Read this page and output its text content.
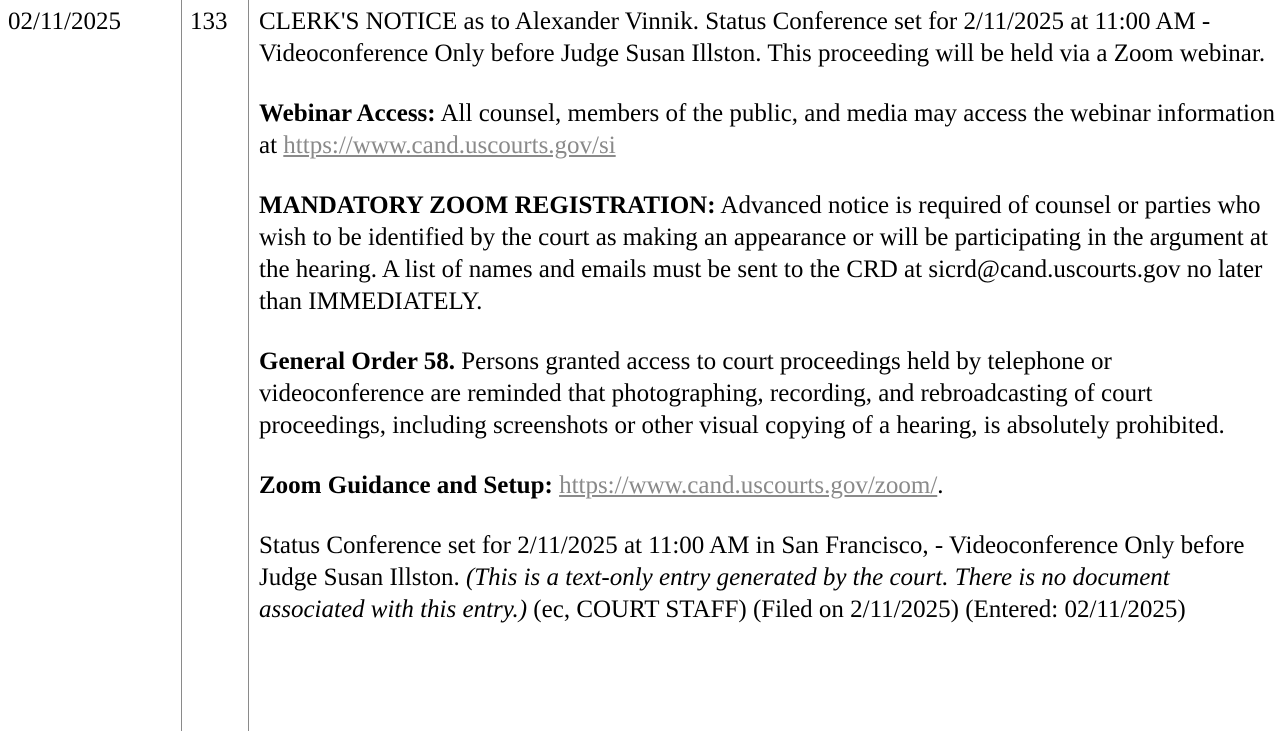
02/11/2025	133	CLERK'S NOTICE as to Alexander Vinnik. Status Conference set for 2/11/2025 at 11:00 AM - Videoconference Only before Judge Susan Illston. This proceeding will be held via a Zoom webinar.

Webinar Access: All counsel, members of the public, and media may access the webinar information at https://www.cand.uscourts.gov/si

MANDATORY ZOOM REGISTRATION: Advanced notice is required of counsel or parties who wish to be identified by the court as making an appearance or will be participating in the argument at the hearing. A list of names and emails must be sent to the CRD at sicrd@cand.uscourts.gov no later than IMMEDIATELY.

General Order 58. Persons granted access to court proceedings held by telephone or videoconference are reminded that photographing, recording, and rebroadcasting of court proceedings, including screenshots or other visual copying of a hearing, is absolutely prohibited.

Zoom Guidance and Setup: https://www.cand.uscourts.gov/zoom/.

Status Conference set for 2/11/2025 at 11:00 AM in San Francisco, - Videoconference Only before Judge Susan Illston. (This is a text-only entry generated by the court. There is no document associated with this entry.) (ec, COURT STAFF) (Filed on 2/11/2025) (Entered: 02/11/2025)
